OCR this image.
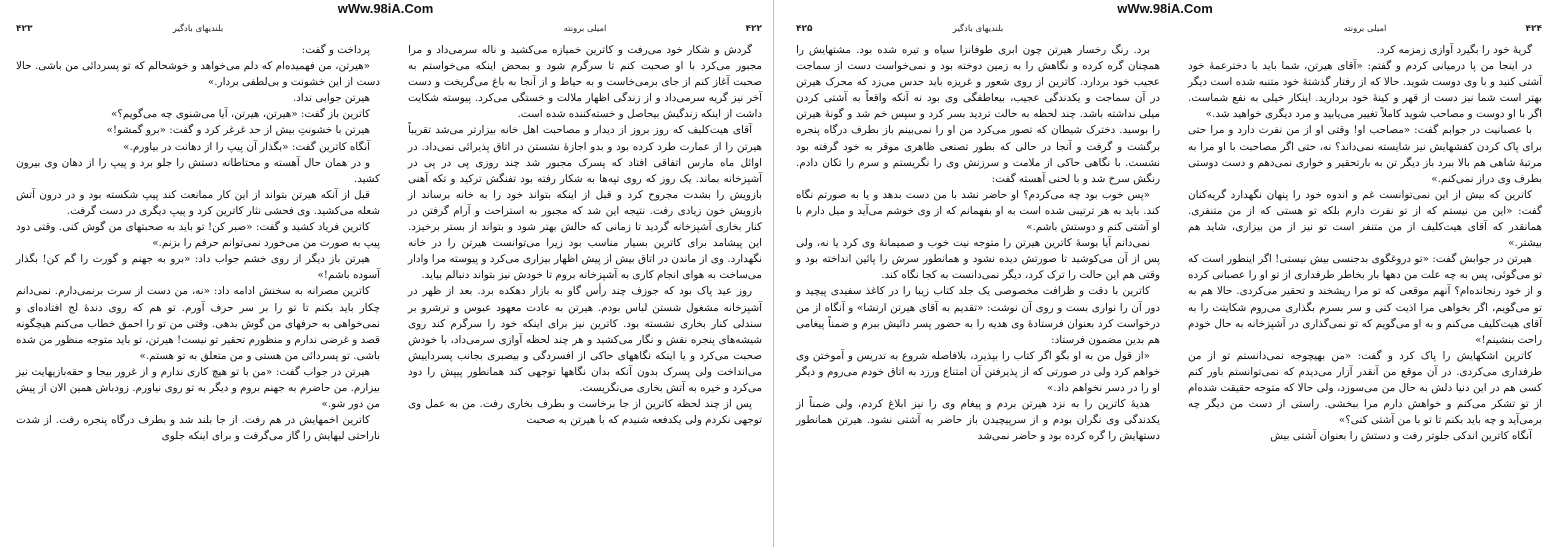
wWw.98iA.Com
۴۲۳	بلندیهای بادگیر

پرداخت و گفت:

«هیرتن، من فهمیده‌ام که دلم می‌خواهد و خوشحالم که تو پسردائی من باشی. حالا دست از این خشونت و بی‌لطفی بردار.»

هیرتن جوابی نداد.

کاترین باز گفت: «هیرتن، هیرتن، آیا می‌شنوی چه می‌گویم؟»

هیرتن با خشونتِ بیش از حد غرغر کرد و گفت: «برو گمشو!»

آنگاه کاترین گفت: «بگذار آن پیپ را از دهانت در بیاورم.»

و در همان حال آهسته و محتاطانه دستش را جلو برد و پیپ را از دهان وی بیرون کشید.

قبل از آنکه هیرتن بتواند از این کار ممانعت کند پیپ شکسته بود و در درون آتش شعله می‌کشید. وی فحشی نثار کاترین کرد و پیپ دیگری در دست گرفت.

کاترین فریاد کشید و گفت: «صبر کن! تو باید به صحبتهای من گوش کنی. وقتی دود پیپ به صورت من می‌خورد نمی‌توانم حرفم را بزنم.»

هیرتن باز دیگر از روی خشم جواب داد: «برو به جهنم و گورت را گم کن! بگذار آسوده باشم!»

کاترین مصرانه به سخنش ادامه داد: «نه، من دست از سرت برنمی‌دارم. نمی‌دانم چکار باید بکنم تا تو را بر سر حرف آورم. تو هم که روی دندهٔ لج افتاده‌ای و نمی‌خواهی به حرفهای من گوش بدهی. وقتی من تو را احمق خطاب می‌کنم هیچگونه قصد و غرضی ندارم و منظورم تحقیر تو نیست! هیرتن، تو باید متوجه منظور من شده باشی. تو پسردائی من هستی و من متعلق به تو هستم.»

هیرتن در جواب گفت: «من با تو هیچ کاری ندارم و از غرور بیجا و حقه‌بازیهایت نیز بیزارم. من حاضرم به جهنم بروم و دیگر به تو روی نیاورم. زودباش همین الان از پیش من دور شو.»

کاترین اخمهایش در هم رفت. از جا بلند شد و بطرف درگاه پنجره رفت. از شدت ناراحتی لبهایش را گاز می‌گرفت و برای اینکه جلوی

امیلی برونته	۴۲۲

گردش و شکار خود می‌رفت و کاترین خمیازه می‌کشید و ناله سرمی‌داد و مرا مجبور می‌کرد با او صحبت کنم تا سرگرم شود و بمحض اینکه می‌خواستم به صحبت آغاز کنم از جای برمی‌خاست و به حیاط و از آنجا به باغ می‌گریخت و دست آخر نیز گریه سرمی‌داد و از زندگی اظهار ملالت و خستگی می‌کرد. پیوسته شکایت داشت از اینکه زندگیش بیحاصل و خسته‌کننده شده است.

آقای هیت‌کلیف که روز بروز از دیدار و مصاحبت اهل خانه بیزارتر می‌شد تقریباً هیرتن را از عمارت طرد کرده بود و بدو اجازهٔ نشستن در اتاق پذیرائی نمی‌داد. در اوائل ماه مارس اتفاقی افتاد که پسرک مجبور شد چند روزی پی در پی در آشپزخانه بماند. یک روز که روی تپه‌ها به شکار رفته بود تفنگش ترکید و تکه آهنی بازویش را بشدت مجروح کرد و قبل از اینکه بتواند خود را به خانه برساند از بازویش خون زیادی رفت. نتیجه این شد که مجبور به استراحت و آرام گرفتن در کنار بخاری آشپزخانه گردید تا زمانی که حالش بهتر شود و بتواند از بستر برخیزد. این پیشامد برای کاترین بسیار مناسب بود زیرا می‌توانست هیرتن را در خانه نگهدارد. وی از ماندن در اتاق بیش از پیش اظهار بیزاری می‌کرد و پیوسته مرا وادار می‌ساخت به هوای انجام کاری به آشپزخانه بروم تا خودش نیز بتواند دنبالم بیاید.

روز عید پاک بود که جوزف چند رأس گاو به بازار دهکده برد. بعد از ظهر در آشپزخانه مشغول شستن لباس بودم. هیرتن به عادت معهود عبوس و ترشرو بر سندلی کنار بخاری نشسته بود. کاترین نیز برای اینکه خود را سرگرم کند روی شیشه‌های پنجره نقش و نگار می‌کشید و هر چند لحظه آوازی سرمی‌داد، با خودش صحبت می‌کرد و یا اینکه نگاههای حاکی از افسردگی و بیصبری بجانب پسرداییش می‌انداخت ولی پسرک بدون آنکه بدان نگاهها توجهی کند همانطور پیپش را دود می‌کرد و خیره به آتش بخاری می‌نگریست.

پس از چند لحظه کاترین از جا برخاست و بطرف بخاری رفت. من به عمل وی توجهی نکردم ولی یکدفعه شنیدم که با هیرتن به صحبت

wWw.98iA.Com
۴۲۵	بلندیهای بادگیر

برد. رنگ رخسار هیرتن چون ابری طوفانزا سیاه و تیره شده بود. مشتهایش را همچنان گره کرده و نگاهش را به زمین دوخته بود و نمی‌خواست دست از سماجت عجیب خود بردارد. کاترین از روی شعور و غریزه باید حدس می‌زد که محرک هیرتن در آن سماجت و یکدندگی عجیب، بیعاطفگی وی بود نه آنکه واقعاً به آشتی کردن میلی نداشته باشد. چند لحظه به حالت تردید بسر کرد و سپس خم شد و گونهٔ هیرتن را بوسید. دخترک شیطان که تصور می‌کرد من او را نمی‌بینم باز بطرف درگاه پنجره برگشت و گرفت و آنجا در حالی که بطور تصنعی ظاهری موقر به خود گرفته بود نشست. با نگاهی حاکی از ملامت و سرزنش وی را نگریستم و سرم را تکان دادم. رنگش سرخ شد و با لحنی آهسته گفت:

«پس خوب بود چه می‌کردم؟ او حاضر نشد با من دست بدهد و یا به صورتم نگاه کند. باید به هر ترتیبی شده است به او بفهمانم که از وی خوشم می‌آید و میل دارم با او آشتی کنم و دوستش باشم.»

نمی‌دانم آیا بوسهٔ کاترین هیرتن را متوجه نیت خوب و صمیمانهٔ وی کرد یا نه، ولی پس از آن می‌کوشید تا صورتش دیده نشود و همانطور سرش را پائین انداخته بود و وقتی هم این حالت را ترک کرد، دیگر نمی‌دانست به کجا نگاه کند.

کاترین با دقت و ظرافت مخصوصی یک جلد کتاب زیبا را در کاغذ سفیدی پیچید و دور آن را نواری بست و روی آن نوشت: «تقدیم به آقای هیرتن ارنشا» و آنگاه از من درخواست کرد بعنوان فرستادهٔ وی هدیه را به حضور پسر دائیش ببرم و ضمناً پیغامی هم بدین مضمون فرستاد:

«از قول من به او بگو اگر کتاب را بپذیرد، بلافاصله شروع به تدریس و آموختن وی خواهم کرد ولی در صورتی که از پذیرفتن آن امتناع ورزد به اتاق خودم می‌روم و دیگر او را در دسر نخواهم داد.»

هدیهٔ کاترین را به نزد هیرتن بردم و پیغام وی را نیز ابلاغ کردم، ولی ضمناً از یکدندگی وی نگران بودم و از سرپیچیدن باز حاضر به آشتی نشود. هیرتن همانطور دستهایش را گره کرده بود و حاضر نمی‌شد

امیلی برونته	۴۲۴

گریهٔ خود را بگیرد آوازی زمزمه کرد.

در اینجا من پا درمیانی کردم و گفتم: «آقای هیرتن، شما باید با دخترعمهٔ خود آشتی کنید و با وی دوست شوید. حالا که از رفتار گذشتهٔ خود متنبه شده است دیگر بهتر است شما نیز دست از قهر و کینهٔ خود بردارید. اینکار خیلی به نفع شماست. اگر با او دوست و مصاحب شوید کاملاً تغییر می‌یابید و مرد دیگری خواهید شد.»

با عصبانیت در جوابم گفت: «مصاحب او! وقتی او از من نفرت دارد و مرا حتی برای پاک کردن کفشهایش نیز شایسته نمی‌داند؟ نه، حتی اگر مصاحبت با او مرا به مرتبهٔ شاهی هم بالا ببرد باز دیگر تن به بارتحقیر و خواری نمی‌دهم و دست دوستی بطرف وی دراز نمی‌کنم.»

کاترین که بیش از این نمی‌توانست غم و اندوه خود را پنهان نگهدارد گریه‌کنان گفت: «این من نیستم که از تو نفرت دارم بلکه تو هستی که از من متنفری. همانقدر که آقای هیت‌کلیف از من متنفر است تو نیز از من بیزاری، شاید هم بیشتر.»

هیرتن در جوابش گفت: «تو دروغگوی بدجنسی بیش نیستی! اگر اینطور است که تو می‌گوئی، پس به چه علت من دهها بار بخاطر طرفداری از تو او را عصبانی کرده و از خود رنجانده‌ام؟ آنهم موقعی که تو مرا ریشخند و تحقیر می‌کردی. حالا هم به تو می‌گویم، اگر بخواهی مرا اذیت کنی و سر بسرم بگذاری می‌روم شکایتت را به آقای هیت‌کلیف می‌کنم و به او می‌گویم که تو نمی‌گذاری در آشپزخانه به حال خودم راحت بنشینم!»

کاترین اشکهایش را پاک کرد و گفت: «من بهیچوجه نمی‌دانستم تو از من طرفداری می‌کردی. در آن موقع من آنقدر آزار می‌دیدم که نمی‌توانستم باور کنم کسی هم در این دنیا دلش به حال من می‌سوزد، ولی حالا که متوجه حقیقت شده‌ام از تو تشکر می‌کنم و خواهش دارم مرا ببخشی. راستی از دست من دیگر چه برمی‌آید و چه باید بکنم تا تو با من آشتی کنی؟»

آنگاه کاترین اندکی جلوتر رفت و دستش را بعنوان آشتی بیش
